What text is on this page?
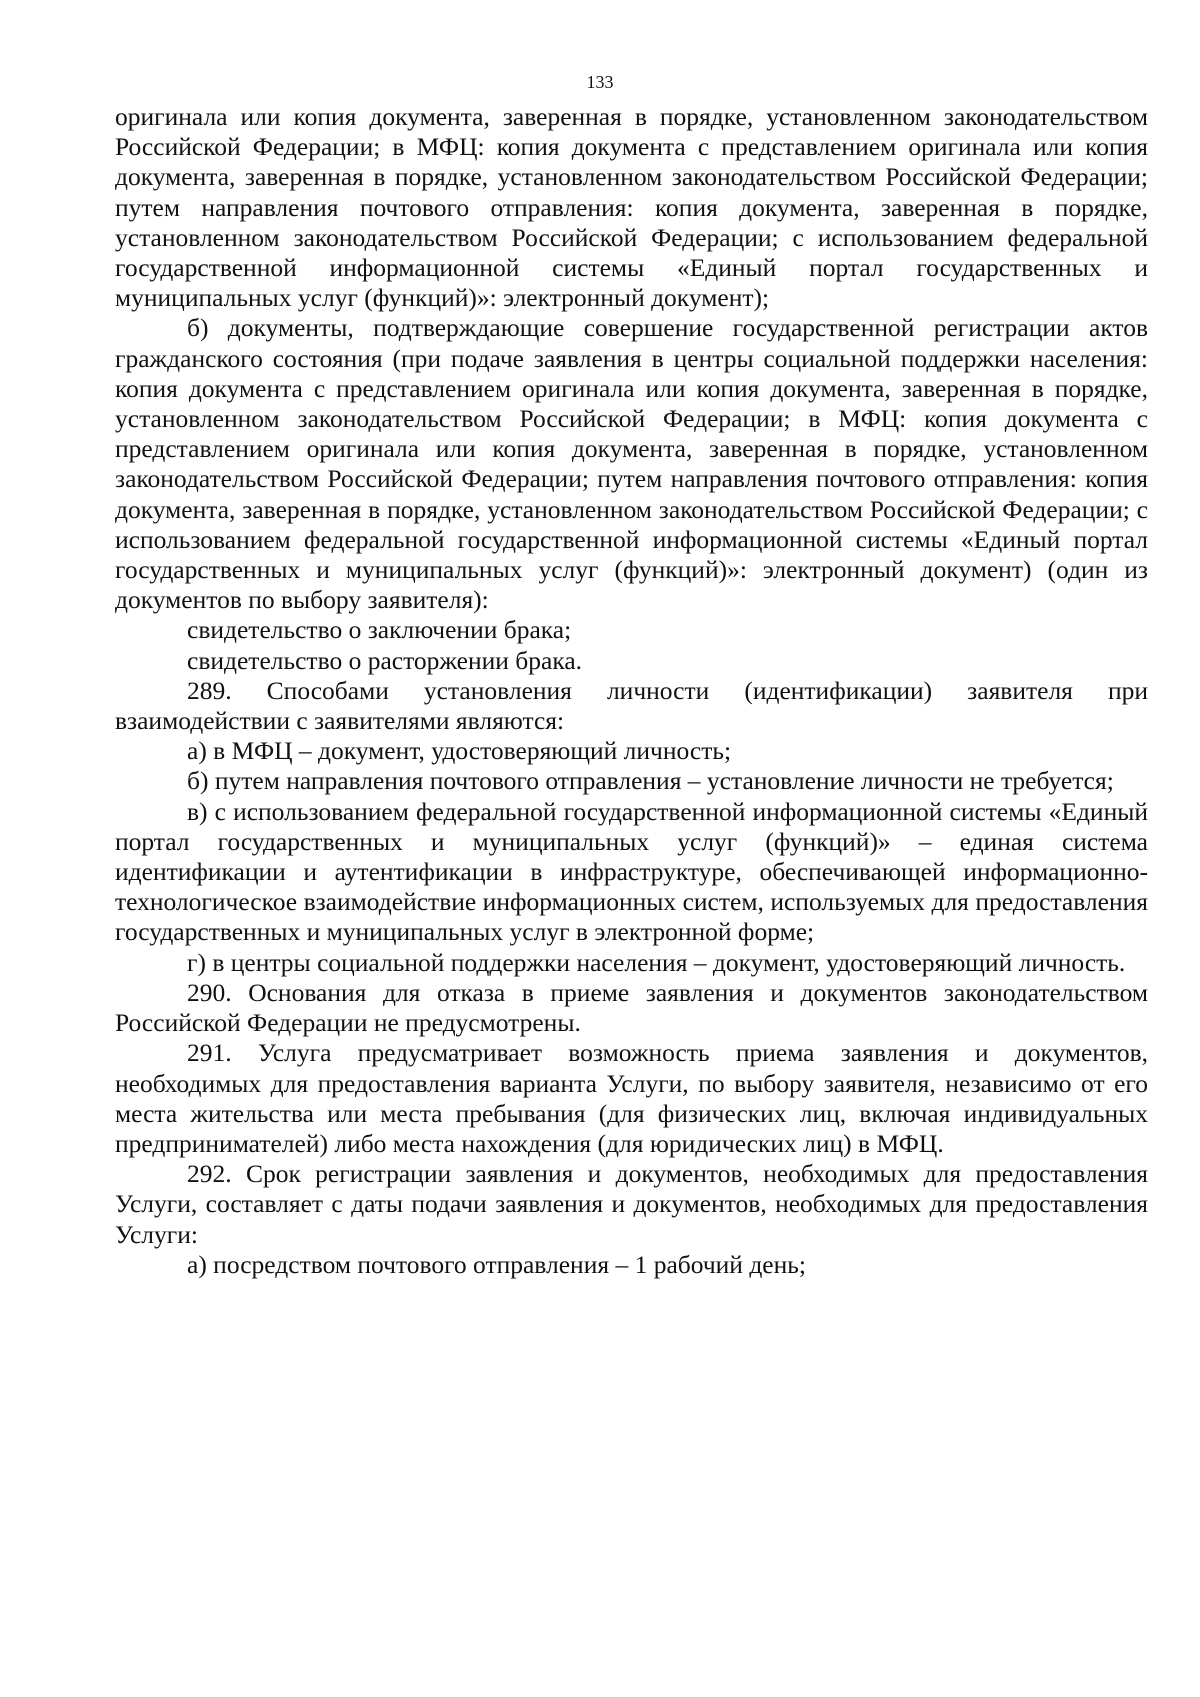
133

оригинала или копия документа, заверенная в порядке, установленном законодательством Российской Федерации; в МФЦ: копия документа с представлением оригинала или копия документа, заверенная в порядке, установленном законодательством Российской Федерации; путем направления почтового отправления: копия документа, заверенная в порядке, установленном законодательством Российской Федерации; с использованием федеральной государственной информационной системы «Единый портал государственных и муниципальных услуг (функций)»: электронный документ);

б) документы, подтверждающие совершение государственной регистрации актов гражданского состояния (при подаче заявления в центры социальной поддержки населения: копия документа с представлением оригинала или копия документа, заверенная в порядке, установленном законодательством Российской Федерации; в МФЦ: копия документа с представлением оригинала или копия документа, заверенная в порядке, установленном законодательством Российской Федерации; путем направления почтового отправления: копия документа, заверенная в порядке, установленном законодательством Российской Федерации; с использованием федеральной государственной информационной системы «Единый портал государственных и муниципальных услуг (функций)»: электронный документ) (один из документов по выбору заявителя):

свидетельство о заключении брака;

свидетельство о расторжении брака.

289. Способами установления личности (идентификации) заявителя при взаимодействии с заявителями являются:

а) в МФЦ – документ, удостоверяющий личность;

б) путем направления почтового отправления – установление личности не требуется;

в) с использованием федеральной государственной информационной системы «Единый портал государственных и муниципальных услуг (функций)» – единая система идентификации и аутентификации в инфраструктуре, обеспечивающей информационно-технологическое взаимодействие информационных систем, используемых для предоставления государственных и муниципальных услуг в электронной форме;

г) в центры социальной поддержки населения – документ, удостоверяющий личность.

290. Основания для отказа в приеме заявления и документов законодательством Российской Федерации не предусмотрены.

291. Услуга предусматривает возможность приема заявления и документов, необходимых для предоставления варианта Услуги, по выбору заявителя, независимо от его места жительства или места пребывания (для физических лиц, включая индивидуальных предпринимателей) либо места нахождения (для юридических лиц) в МФЦ.

292. Срок регистрации заявления и документов, необходимых для предоставления Услуги, составляет с даты подачи заявления и документов, необходимых для предоставления Услуги:

а) посредством почтового отправления – 1 рабочий день;
